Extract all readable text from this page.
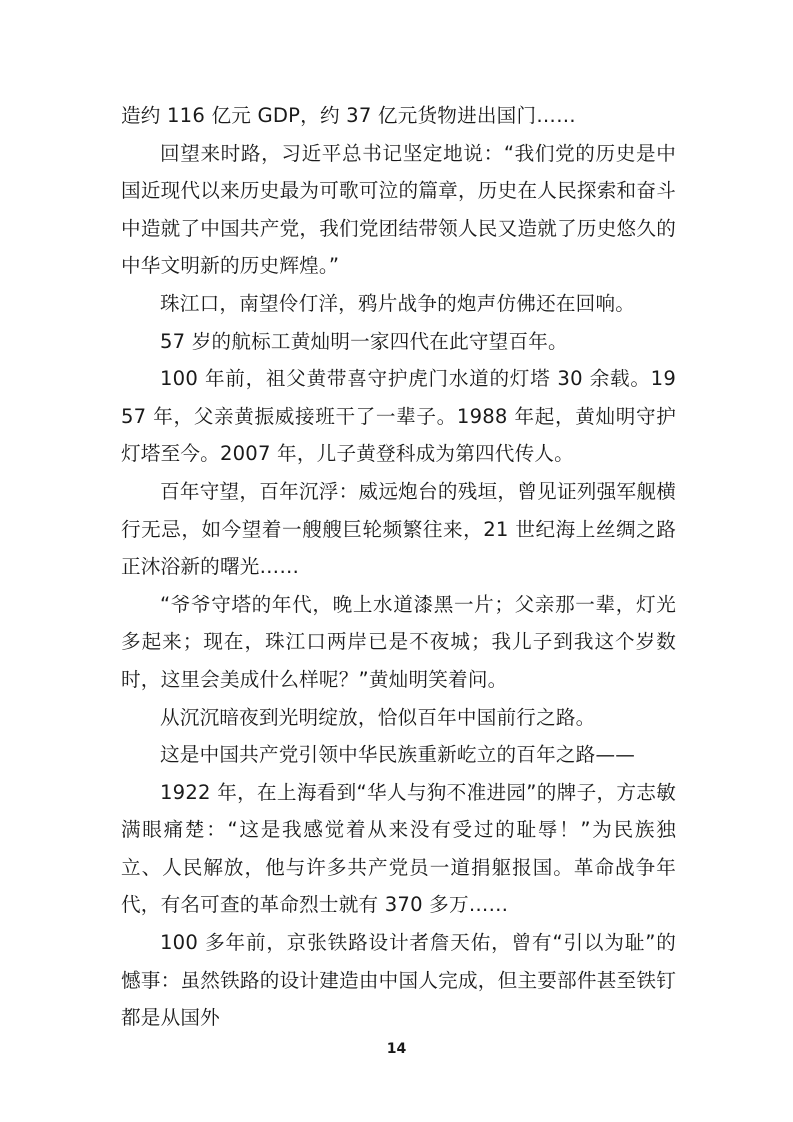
造约 116 亿元 GDP，约 37 亿元货物进出国门……

回望来时路，习近平总书记坚定地说：“我们党的历史是中国近现代以来历史最为可歌可泣的篇章，历史在人民探索和奋斗中造就了中国共产党，我们党团结带领人民又造就了历史悠久的中华文明新的历史辉煌。”

珠江口，南望伶仃洋，鸦片战争的炮声仿佛还在回响。

57 岁的航标工黄灿明一家四代在此守望百年。

100 年前，祖父黄带喜守护虎门水道的灯塔 30 余载。1957 年，父亲黄振威接班干了一辈子。1988 年起，黄灿明守护灯塔至今。2007 年，儿子黄登科成为第四代传人。

百年守望，百年沉浮：威远炮台的残垣，曾见证列强军舰横行无忌，如今望着一艘艘巨轮频繁往来，21 世纪海上丝绸之路正沐浴新的曙光……

“爷爷守塔的年代，晚上水道漆黑一片；父亲那一辈，灯光多起来；现在，珠江口两岸已是不夜城；我儿子到我这个岁数时，这里会美成什么样呢？”黄灿明笑着问。

从沉沉暗夜到光明绽放，恰似百年中国前行之路。

这是中国共产党引领中华民族重新屹立的百年之路——

1922 年，在上海看到“华人与狗不准进园”的牌子，方志敏满眼痛楚：“这是我感觉着从来没有受过的耻辱！”为民族独立、人民解放，他与许多共产党员一道捐躯报国。革命战争年代，有名可查的革命烈士就有 370 多万……

100 多年前，京张铁路设计者詹天佑，曾有“引以为耻”的憾事：虽然铁路的设计建造由中国人完成，但主要部件甚至铁钉都是从国外

14
